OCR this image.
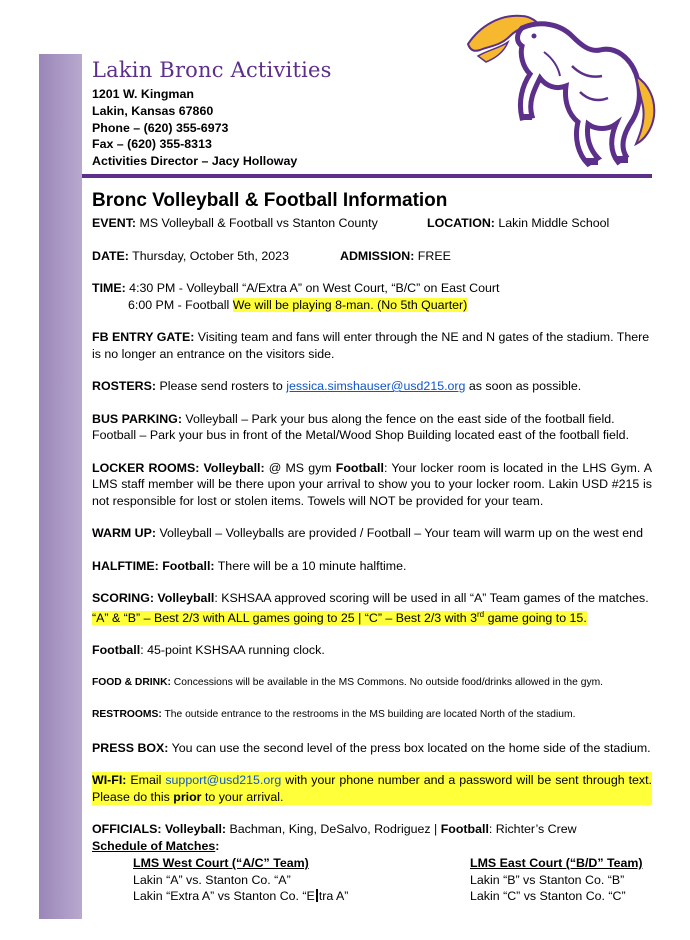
Lakin Bronc Activities
1201 W. Kingman
Lakin, Kansas 67860
Phone – (620) 355-6973
Fax – (620) 355-8313
Activities Director – Jacy Holloway
Bronc Volleyball & Football Information

EVENT: MS Volleyball & Football vs Stanton County	LOCATION: Lakin Middle School

DATE: Thursday, October 5th, 2023	ADMISSION: FREE

TIME: 4:30 PM - Volleyball “A/Extra A” on West Court, “B/C” on East Court

6:00 PM - Football We will be playing 8-man. (No 5th Quarter)

FB ENTRY GATE: Visiting team and fans will enter through the NE and N gates of the stadium. There

is no longer an entrance on the visitors side.

ROSTERS: Please send rosters to jessica.simshauser@usd215.org as soon as possible.

BUS PARKING: Volleyball – Park your bus along the fence on the east side of the football field.

Football – Park your bus in front of the Metal/Wood Shop Building located east of the football field.

LOCKER ROOMS: Volleyball: @ MS gym Football: Your locker room is located in the LHS Gym. A LMS staff member will be there upon your arrival to show you to your locker room. Lakin USD #215 is not responsible for lost or stolen items. Towels will NOT be provided for your team.

WARM UP: Volleyball – Volleyballs are provided / Football – Your team will warm up on the west end

HALFTIME: Football: There will be a 10 minute halftime.

SCORING: Volleyball: KSHSAA approved scoring will be used in all “A” Team games of the matches.

“A” & “B” – Best 2/3 with ALL games going to 25 | “C” – Best 2/3 with 3rd game going to 15.

Football: 45-point KSHSAA running clock.

FOOD & DRINK: Concessions will be available in the MS Commons. No outside food/drinks allowed in the gym.

RESTROOMS: The outside entrance to the restrooms in the MS building are located North of the stadium.

PRESS BOX: You can use the second level of the press box located on the home side of the stadium.

WI-FI: Email support@usd215.org with your phone number and a password will be sent through text. Please do this prior to your arrival.

OFFICIALS: Volleyball: Bachman, King, DeSalvo, Rodriguez | Football: Richter’s Crew

Schedule of Matches:

LMS West Court (“A/C” Team)
Lakin “A” vs. Stanton Co. “A”
Lakin “Extra A” vs Stanton Co. “E tra A”
LMS East Court (“B/D” Team)
Lakin “B” vs Stanton Co. “B”
Lakin “C” vs Stanton Co. “C”
